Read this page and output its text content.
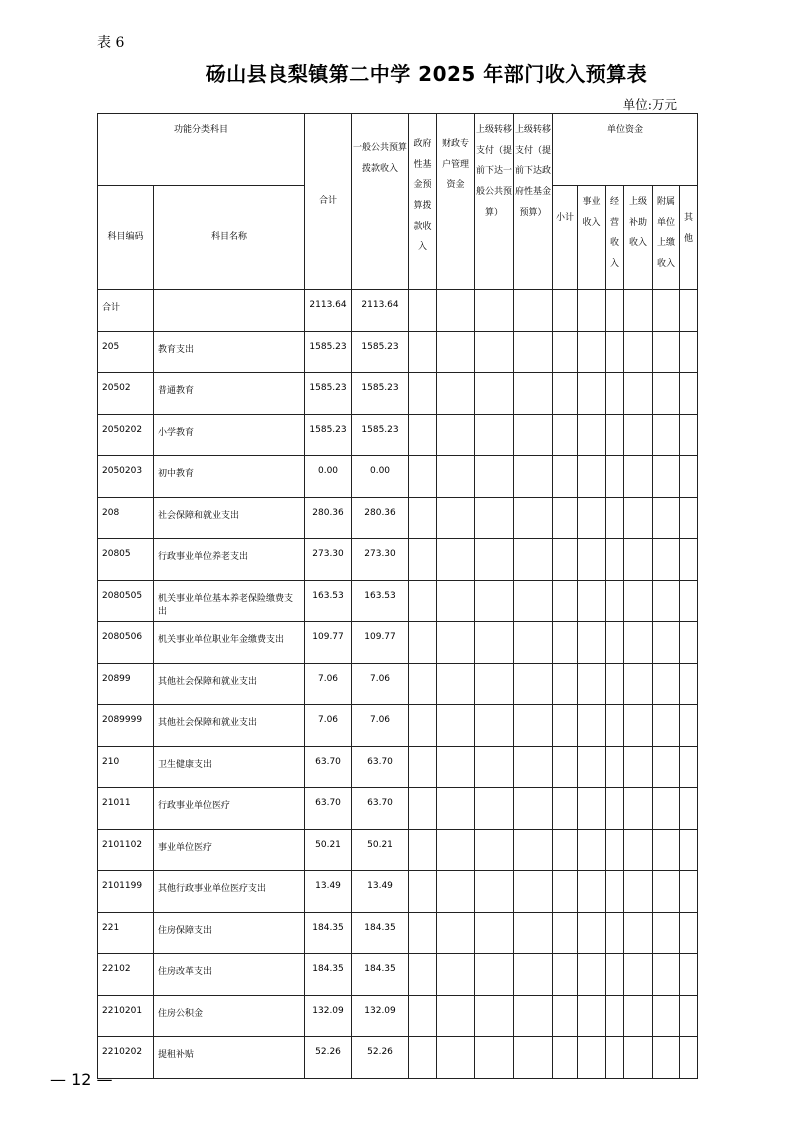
表 6
砀山县良梨镇第二中学 2025 年部门收入预算表
单位:万元
功能分类科目		合计	一般公共预算拨款收入	政府性基金预算拨款收入	财政专户管理资金	上级转移支付（提前下达一般公共预算）	上级转移支付（提前下达政府性基金预算）	单位资金					
科目编码	科目名称							小计	事业收入	经营收入	上级补助收入	附属单位上缴收入	其他
合计		2113.64	2113.64										
205	教育支出	1585.23	1585.23										
20502	普通教育	1585.23	1585.23										
2050202	小学教育	1585.23	1585.23										
2050203	初中教育	0.00	0.00										
208	社会保障和就业支出	280.36	280.36										
20805	行政事业单位养老支出	273.30	273.30										
2080505	机关事业单位基本养老保险缴费支出	163.53	163.53										
2080506	机关事业单位职业年金缴费支出	109.77	109.77										
20899	其他社会保障和就业支出	7.06	7.06										
2089999	其他社会保障和就业支出	7.06	7.06										
210	卫生健康支出	63.70	63.70										
21011	行政事业单位医疗	63.70	63.70										
2101102	事业单位医疗	50.21	50.21										
2101199	其他行政事业单位医疗支出	13.49	13.49										
221	住房保障支出	184.35	184.35										
22102	住房改革支出	184.35	184.35										
2210201	住房公积金	132.09	132.09										
2210202	提租补贴	52.26	52.26										
— 12 —
